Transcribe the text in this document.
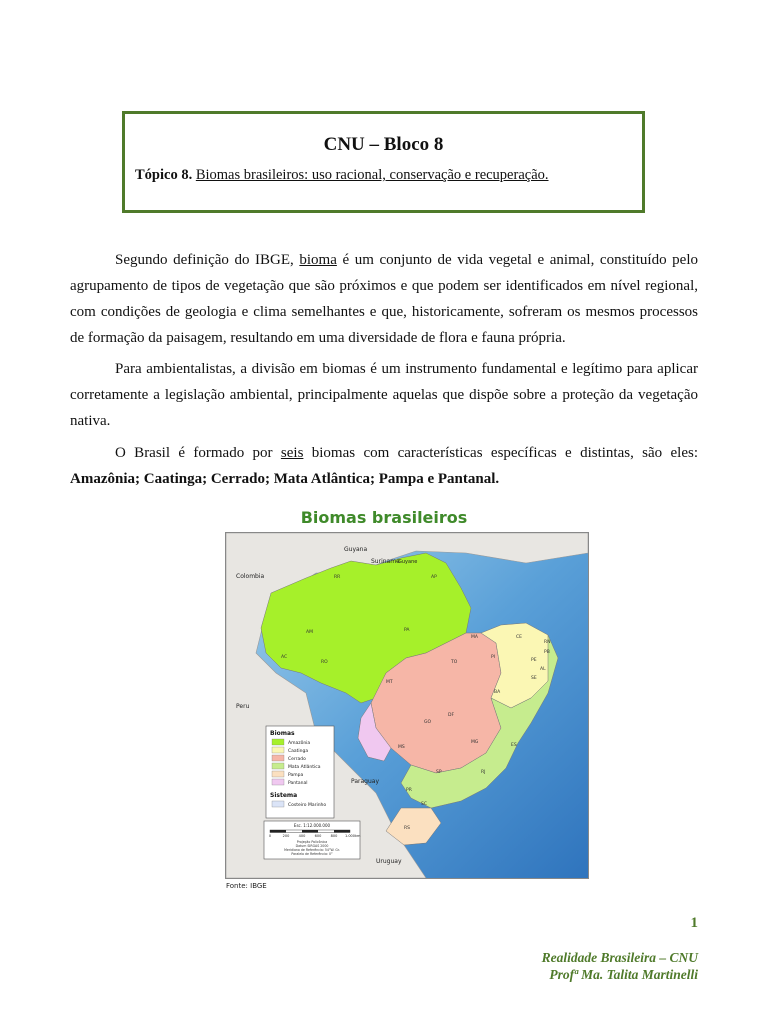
CNU – Bloco 8
Tópico 8. Biomas brasileiros: uso racional, conservação e recuperação.

Segundo definição do IBGE, bioma é um conjunto de vida vegetal e animal, constituído pelo agrupamento de tipos de vegetação que são próximos e que podem ser identificados em nível regional, com condições de geologia e clima semelhantes e que, historicamente, sofreram os mesmos processos de formação da paisagem, resultando em uma diversidade de flora e fauna própria.

Para ambientalistas, a divisão em biomas é um instrumento fundamental e legítimo para aplicar corretamente a legislação ambiental, principalmente aquelas que dispõe sobre a proteção da vegetação nativa.

O Brasil é formado por seis biomas com características específicas e distintas, são eles: Amazônia; Caatinga; Cerrado; Mata Atlântica; Pampa e Pantanal.

Biomas brasileiros
Guyana
Suriname
Guyane
Colombia
Peru
Paraguay
Uruguay
RR	AP
AM	PA
MA	CE
RN
PB
PE
AL
SE
PI
AC
RO	TO
BA
MT
GO
DF
MG
ES
MS
SP	RJ
PR
SC
RS
Biomas
Amazônia
Caatinga
Cerrado
Mata Atlântica
Pampa
Pantanal
Sistema
Costeiro Marinho
Esc. 1:12.000.000
0	200	400	600	800 1.000 km
Projeção Policônica
Datum SIRGAS 2000
Meridiano de Referência: 54°W. Gr.
Paralelo de Referência: 0°
Fonte: IBGE
1
Realidade Brasileira – CNU
Profª Ma. Talita Martinelli
